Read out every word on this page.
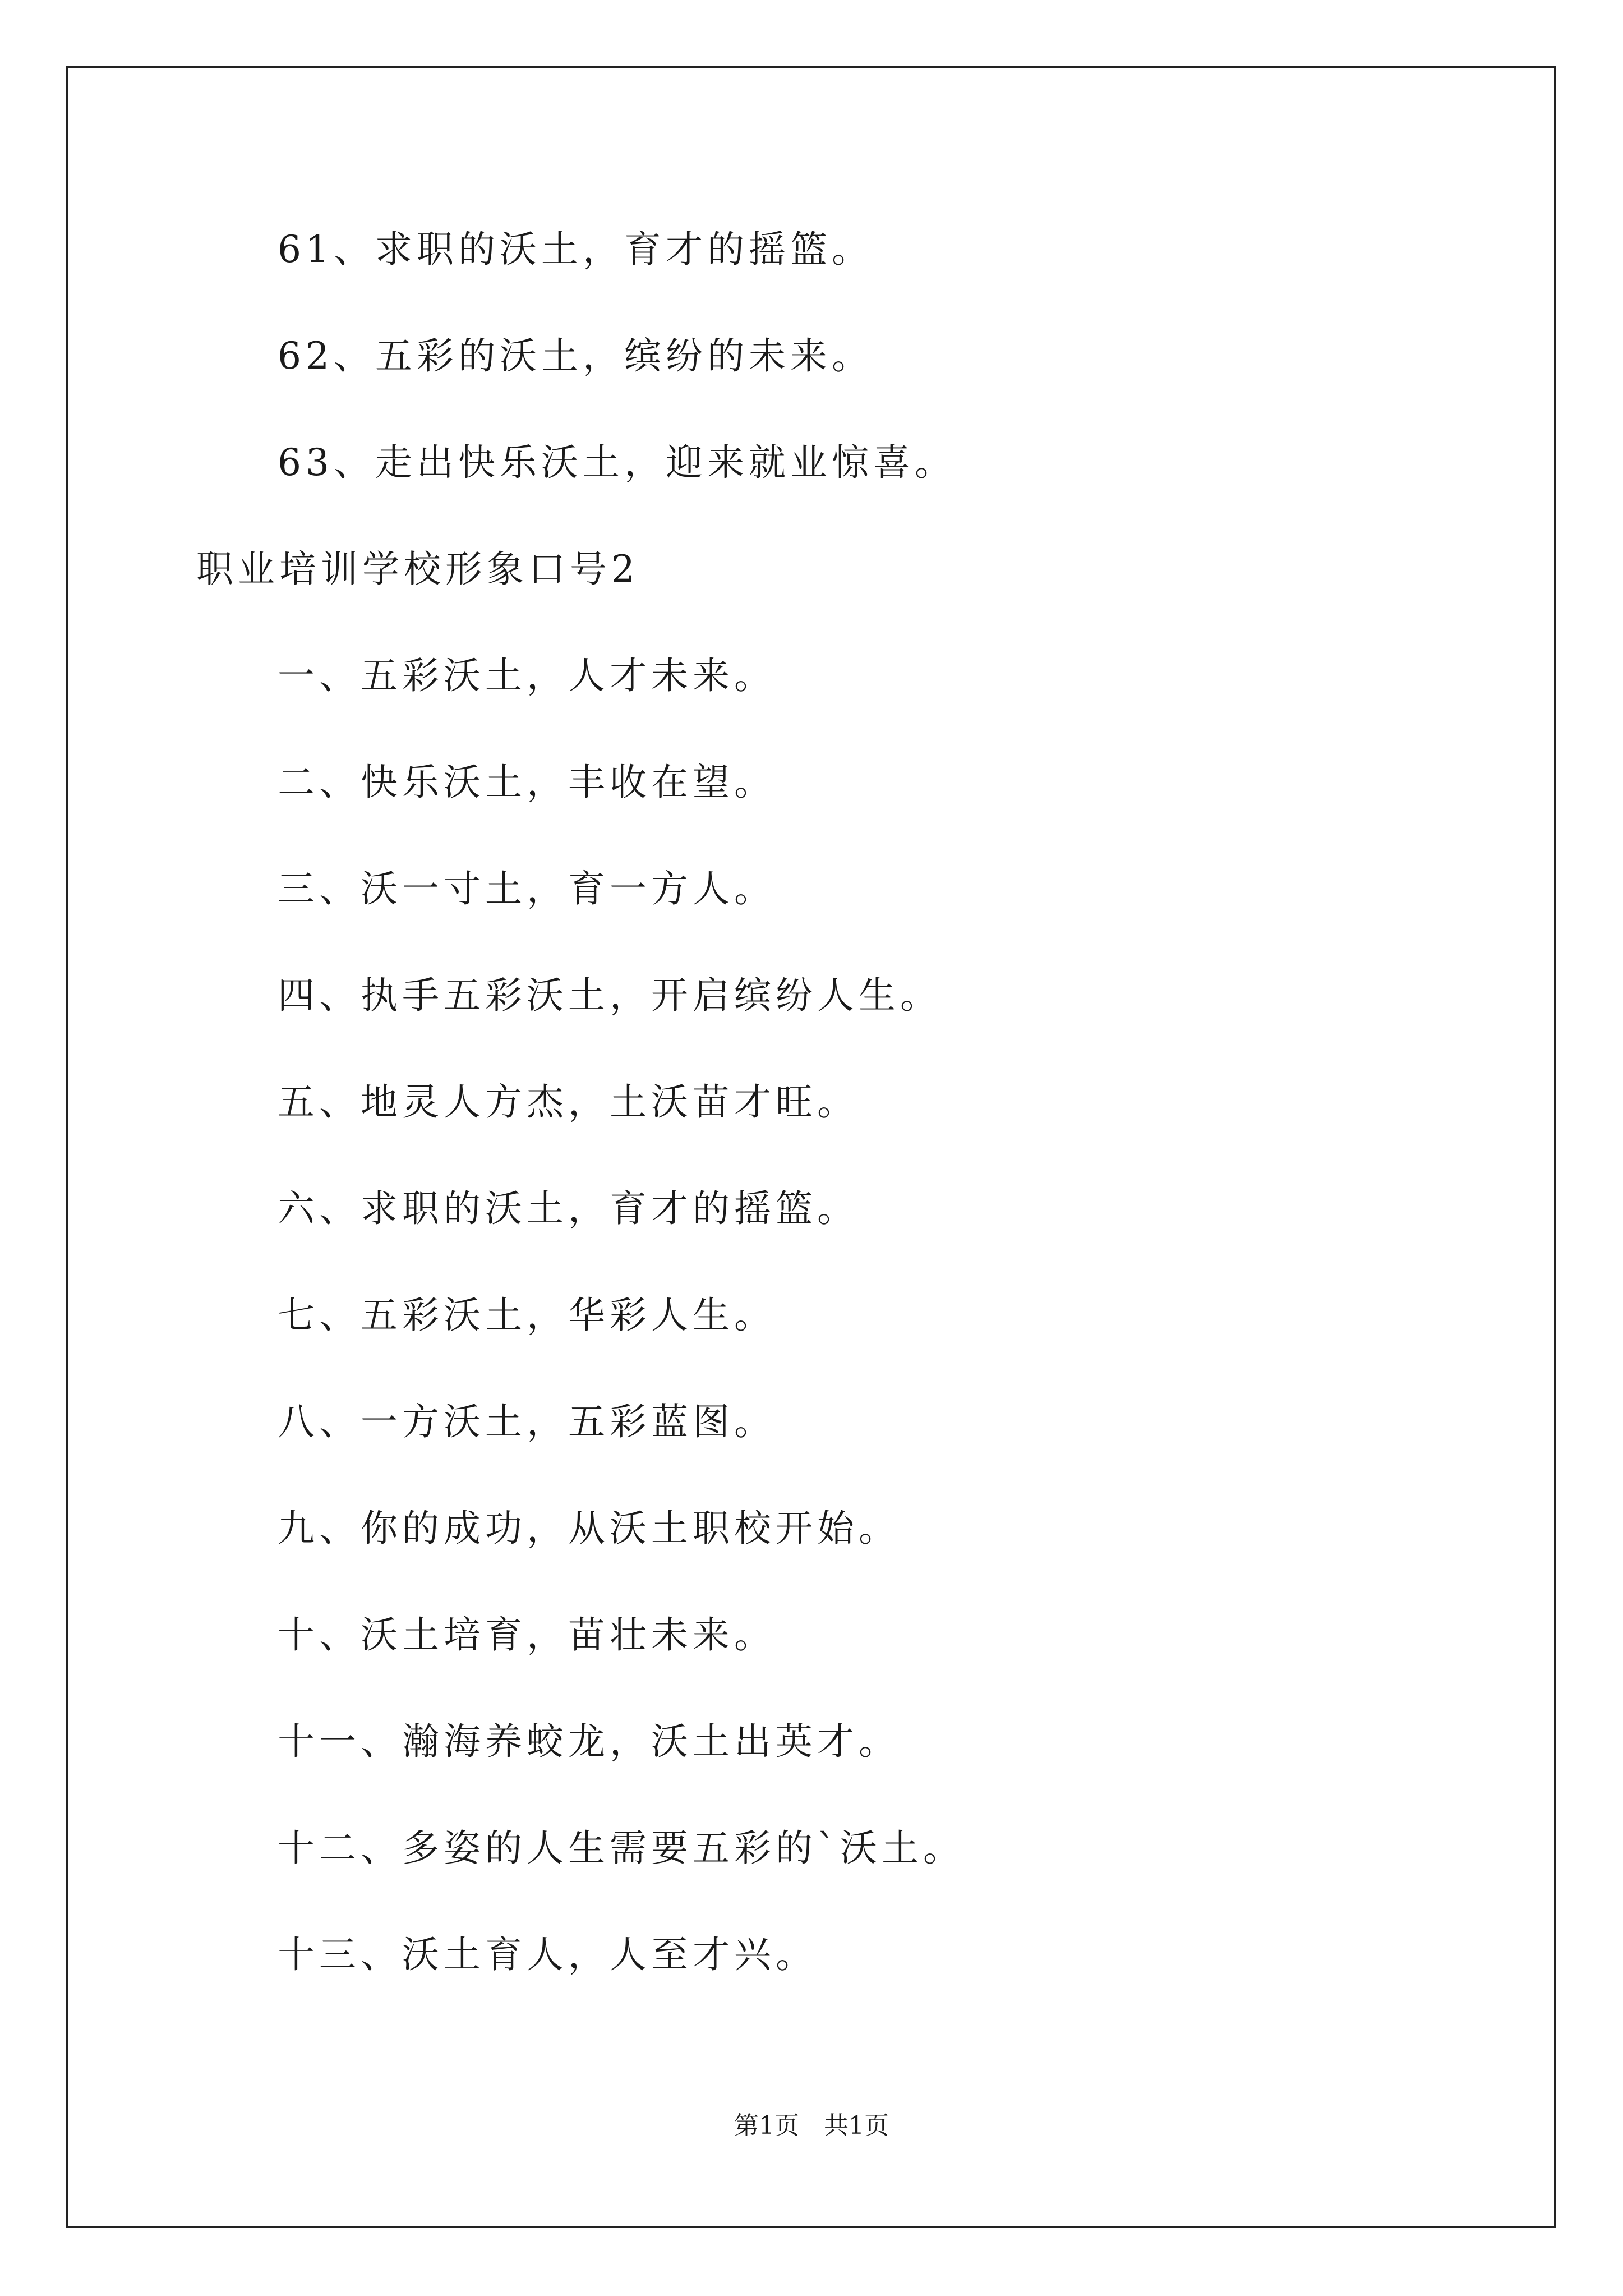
61、求职的沃土，育才的摇篮。
62、五彩的沃土，缤纷的未来。
63、走出快乐沃土，迎来就业惊喜。
职业培训学校形象口号2
一、五彩沃土，人才未来。
二、快乐沃土，丰收在望。
三、沃一寸土，育一方人。
四、执手五彩沃土，开启缤纷人生。
五、地灵人方杰，土沃苗才旺。
六、求职的沃土，育才的摇篮。
七、五彩沃土，华彩人生。
八、一方沃土，五彩蓝图。
九、你的成功，从沃土职校开始。
十、沃土培育，苗壮未来。
十一、瀚海养蛟龙，沃土出英才。
十二、多姿的人生需要五彩的`沃土。
十三、沃土育人，人至才兴。
第1页 共1页
